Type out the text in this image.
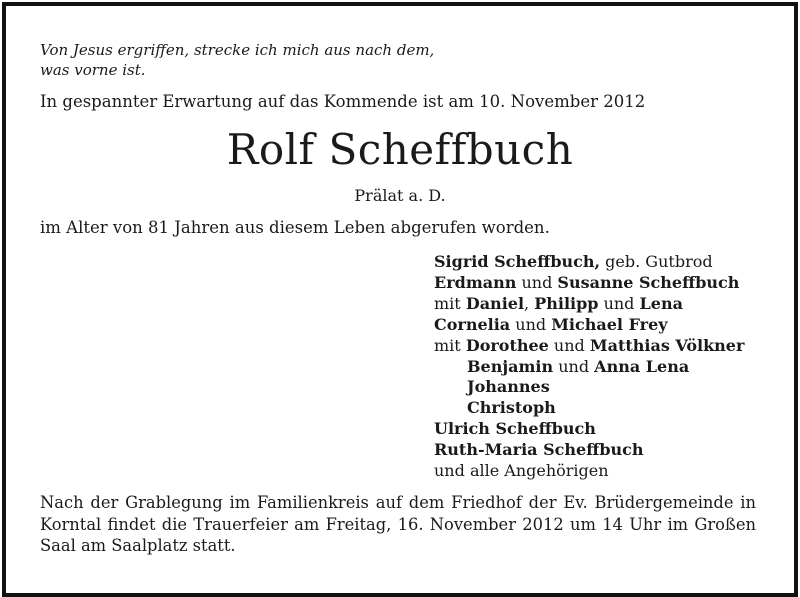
Von Jesus ergriffen, strecke ich mich aus nach dem,
was vorne ist.
In gespannter Erwartung auf das Kommende ist am 10. November 2012
Rolf Scheffbuch
Prälat a. D.
im Alter von 81 Jahren aus diesem Leben abgerufen worden.
Sigrid Scheffbuch, geb. Gutbrod
Erdmann und Susanne Scheffbuch
mit Daniel, Philipp und Lena
Cornelia und Michael Frey
mit Dorothee und Matthias Völkner
Benjamin und Anna Lena
Johannes
Christoph
Ulrich Scheffbuch
Ruth-Maria Scheffbuch
und alle Angehörigen
Nach der Grablegung im Familienkreis auf dem Friedhof der Ev. Brüdergemeinde in Korntal findet die Trauerfeier am Freitag, 16. November 2012 um 14 Uhr im Großen Saal am Saalplatz statt.
